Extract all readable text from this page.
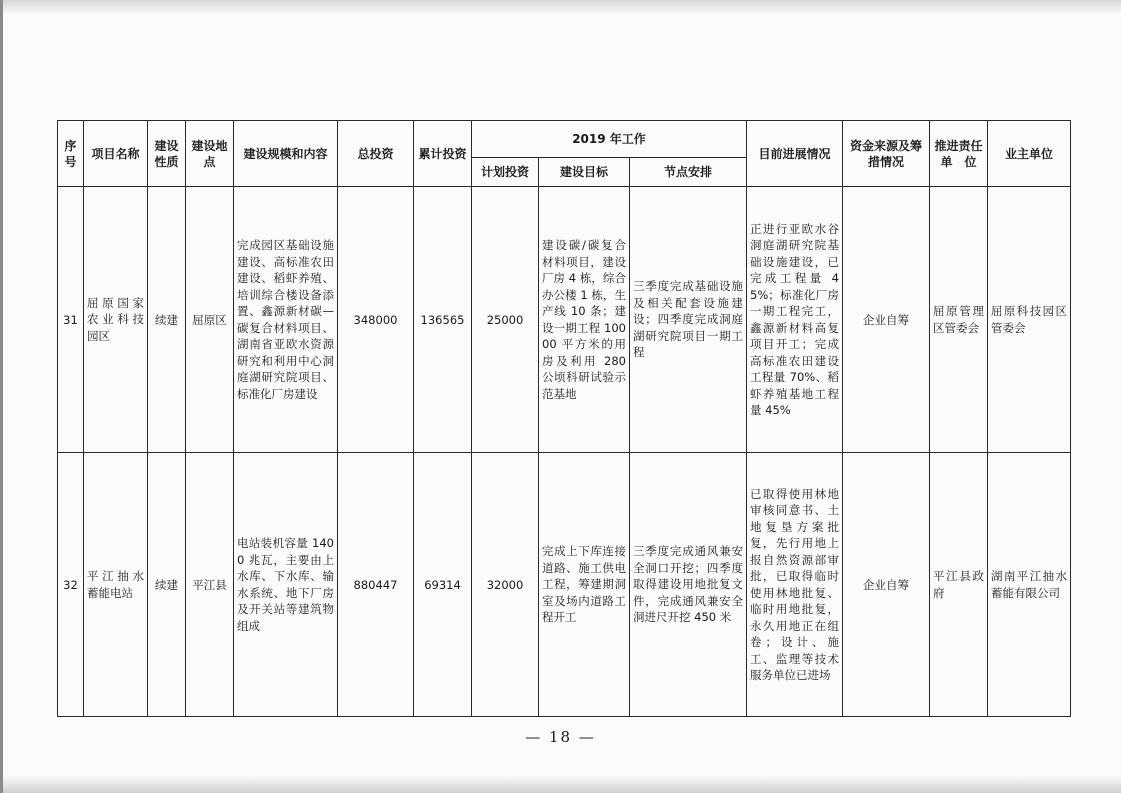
序号	项目名称	建设性质	建设地点	建设规模和内容	总投资	累计投资	2019 年工作			目前进展情况	资金来源及筹措情况	推进责任单　位	业主单位
							计划投资	建设目标	节点安排				
31	屈原国家农业科技园区	续建	屈原区	完成园区基础设施建设、高标准农田建设、稻虾养殖、培训综合楼设备添置、鑫源新材碳—碳复合材料项目、湖南省亚欧水资源研究和利用中心洞庭湖研究院项目、标准化厂房建设	348000	136565	25000	建设碳/碳复合材料项目，建设厂房 4 栋，综合办公楼 1 栋，生产线 10 条；建设一期工程 10000 平方米的用房及利用 280 公顷科研试验示范基地	三季度完成基础设施及相关配套设施建设；四季度完成洞庭湖研究院项目一期工程	正进行亚欧水谷洞庭湖研究院基础设施建设，已完成工程量 45%；标准化厂房一期工程完工，鑫源新材料高复项目开工；完成高标准农田建设工程量 70%、稻虾养殖基地工程量 45%	企业自筹	屈原管理区管委会	屈原科技园区管委会
32	平江抽水蓄能电站	续建	平江县	电站装机容量 1400 兆瓦，主要由上水库、下水库、输水系统、地下厂房及开关站等建筑物组成	880447	69314	32000	完成上下库连接道路、施工供电工程，筹建期洞室及场内道路工程开工	三季度完成通风兼安全洞口开挖；四季度取得建设用地批复文件，完成通风兼安全洞进尺开挖 450 米	已取得使用林地审核同意书、土地复垦方案批复，先行用地上报自然资源部审批，已取得临时使用林地批复、临时用地批复，永久用地正在组卷；设计、施工、监理等技术服务单位已进场	企业自筹	平江县政府	湖南平江抽水蓄能有限公司
— 18 —
